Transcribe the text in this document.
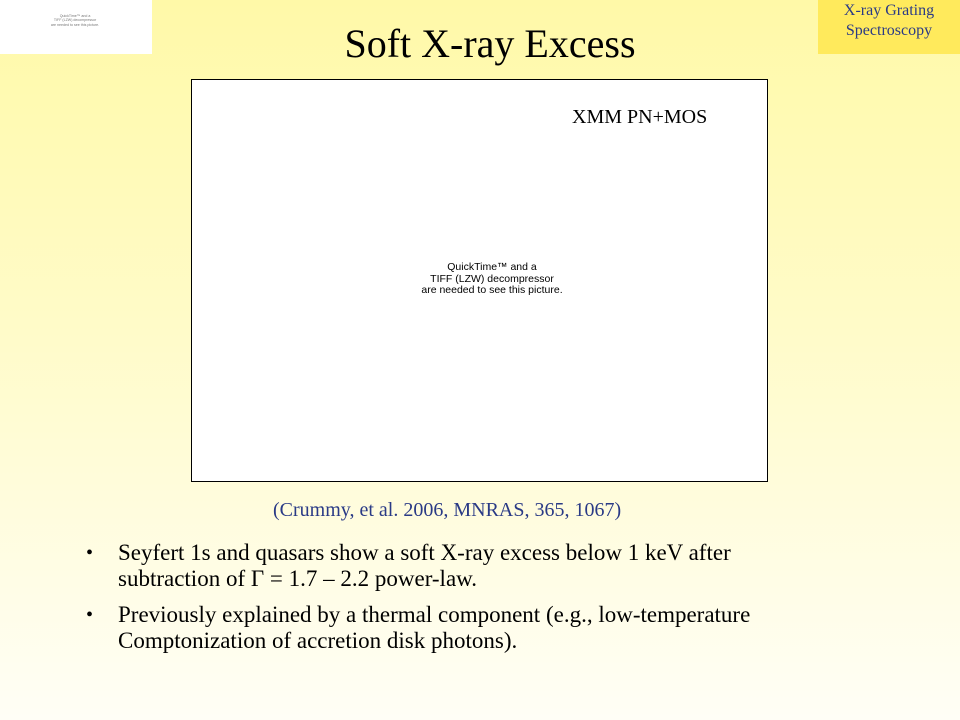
QuickTime™ and a
TIFF (LZW) decompressor
are needed to see this picture.
X-ray Grating
Spectroscopy
Soft X-ray Excess
XMM PN+MOS
QuickTime™ and a
TIFF (LZW) decompressor
are needed to see this picture.
(Crummy, et al. 2006, MNRAS, 365, 1067)
• Seyfert 1s and quasars show a soft X-ray excess below 1 keV after
subtraction of Γ = 1.7 – 2.2 power-law.
• Previously explained by a thermal component (e.g., low-temperature
Comptonization of accretion disk photons).
